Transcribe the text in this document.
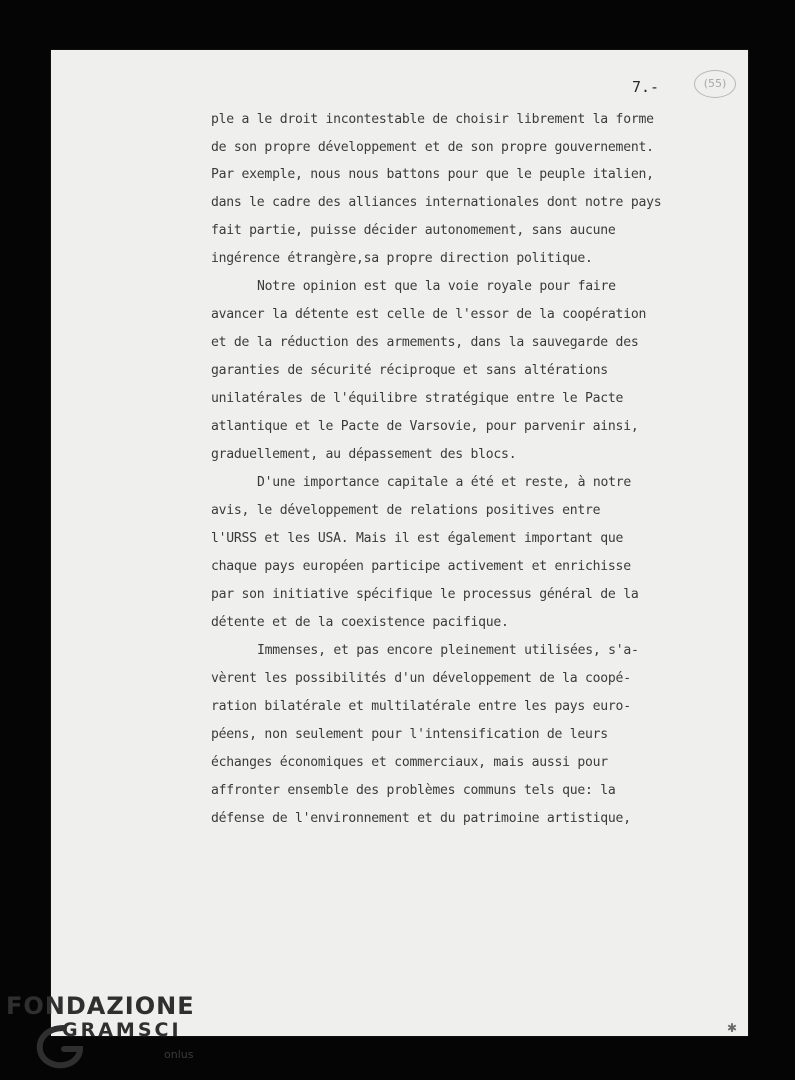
7.-	(55)
ple a le droit incontestable de choisir librement la forme
de son propre développement et de son propre gouvernement.
Par exemple, nous nous battons pour que le peuple italien,
dans le cadre des alliances internationales dont notre pays
fait partie, puisse décider autonomement, sans aucune
ingérence étrangère,sa propre direction politique.
Notre opinion est que la voie royale pour faire
avancer la détente est celle de l'essor de la coopération
et de la réduction des armements, dans la sauvegarde des
garanties de sécurité réciproque et sans altérations
unilatérales de l'équilibre stratégique entre le Pacte
atlantique et le Pacte de Varsovie, pour parvenir ainsi,
graduellement, au dépassement des blocs.
D'une importance capitale a été et reste, à notre
avis, le développement de relations positives entre
l'URSS et les USA. Mais il est également important que
chaque pays européen participe activement et enrichisse
par son initiative spécifique le processus général de la
détente et de la coexistence pacifique.
Immenses, et pas encore pleinement utilisées, s'a-
vèrent les possibilités d'un développement de la coopé-
ration bilatérale et multilatérale entre les pays euro-
péens, non seulement pour l'intensification de leurs
échanges économiques et commerciaux, mais aussi pour
affronter ensemble des problèmes communs tels que: la
défense de l'environnement et du patrimoine artistique,
FONDAZIONE
GRAMSCI
onlus
✱
